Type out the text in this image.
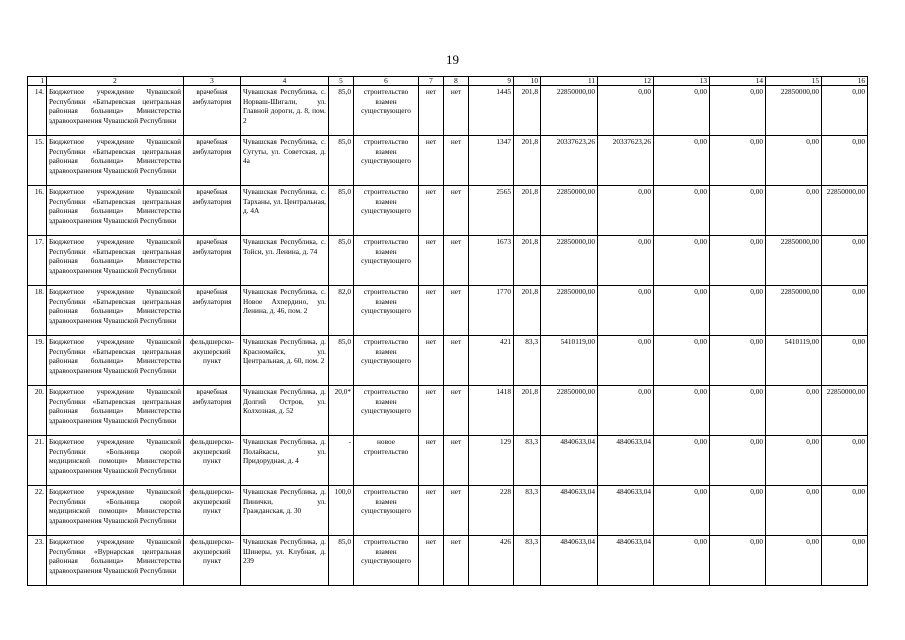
19
1	2	3	4	5	6	7	8	9	10	11	12	13	14	15	16
14.	Бюджетное учреждение Чувашской Республики «Батыревская центральная районная больница» Министерства здравоохранения Чувашской Республики	врачебная амбулатория	Чувашская Республика, с. Норваш-Шигали, ул. Главной дороги, д. 8, пом. 2	85,0	строительство взамен существующего	нет	нет	1445	201,8	22850000,00	0,00	0,00	0,00	22850000,00	0,00
15.	Бюджетное учреждение Чувашской Республики «Батыревская центральная районная больница» Министерства здравоохранения Чувашской Республики	врачебная амбулатория	Чувашская Республика, с. Сугуты, ул. Советская, д. 4а	85,0	строительство взамен существующего	нет	нет	1347	201,8	20337623,26	20337623,26	0,00	0,00	0,00	0,00
16.	Бюджетное учреждение Чувашской Республики «Батыревская центральная районная больница» Министерства здравоохранения Чувашской Республики	врачебная амбулатория	Чувашская Республика, с. Тарханы, ул. Центральная, д. 4А	85,0	строительство взамен существующего	нет	нет	2565	201,8	22850000,00	0,00	0,00	0,00	0,00	22850000,00
17.	Бюджетное учреждение Чувашской Республики «Батыревская центральная районная больница» Министерства здравоохранения Чувашской Республики	врачебная амбулатория	Чувашская Республика, с. Тойси, ул. Ленина, д. 74	85,0	строительство взамен существующего	нет	нет	1673	201,8	22850000,00	0,00	0,00	0,00	22850000,00	0,00
18.	Бюджетное учреждение Чувашской Республики «Батыревская центральная районная больница» Министерства здравоохранения Чувашской Республики	врачебная амбулатория	Чувашская Республика, с. Новое Ахпердино, ул. Ленина, д. 46, пом. 2	82,0	строительство взамен существующего	нет	нет	1770	201,8	22850000,00	0,00	0,00	0,00	22850000,00	0,00
19.	Бюджетное учреждение Чувашской Республики «Батыревская центральная районная больница» Министерства здравоохранения Чувашской Республики	фельдшерско-акушерский пункт	Чувашская Республика, д. Красномайск, ул. Центральная, д. 60, пом. 2	85,0	строительство взамен существующего	нет	нет	421	83,3	5410119,00	0,00	0,00	0,00	5410119,00	0,00
20.	Бюджетное учреждение Чувашской Республики «Батыревская центральная районная больница» Министерства здравоохранения Чувашской Республики	врачебная амбулатория	Чувашская Республика, д. Долгий Остров, ул. Колхозная, д. 52	20,0*	строительство взамен существующего	нет	нет	1418	201,8	22850000,00	0,00	0,00	0,00	0,00	22850000,00
21.	Бюджетное учреждение Чувашской Республики «Больница скорой медицинской помощи» Министерства здравоохранения Чувашской Республики	фельдшерско-акушерский пункт	Чувашская Республика, д. Полайкасы, ул. Придорудная, д. 4	-	новое строительство	нет	нет	129	83,3	4840633,04	4840633,04	0,00	0,00	0,00	0,00
22.	Бюджетное учреждение Чувашской Республики «Больница скорой медицинской помощи» Министерства здравоохранения Чувашской Республики	фельдшерско-акушерский пункт	Чувашская Республика, д. Пинички, ул. Гражданская, д. 30	100,0	строительство взамен существующего	нет	нет	228	83,3	4840633,04	4840633,04	0,00	0,00	0,00	0,00
23.	Бюджетное учреждение Чувашской Республики «Вурнарская центральная районная больница» Министерства здравоохранения Чувашской Республики	фельдшерско-акушерский пункт	Чувашская Республика, д. Шинеры, ул. Клубная, д. 239	85,0	строительство взамен существующего	нет	нет	426	83,3	4840633,04	4840633,04	0,00	0,00	0,00	0,00
